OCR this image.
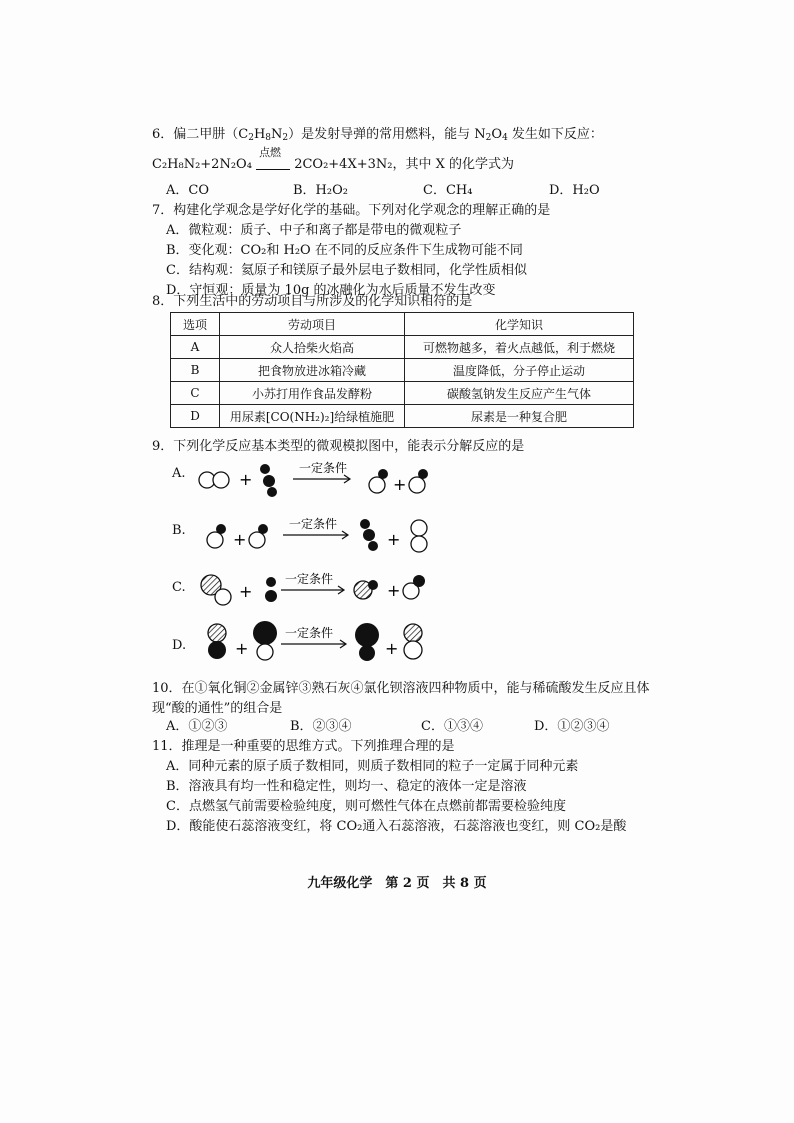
6．偏二甲肼$(C_2H_8N_2)$是发射导弹的常用燃料，能与 $N_2O_4$ 发生如下反应：
C₂H₈N₂+2N₂O₄
点燃
2CO₂+4X+3N₂，其中 X 的化学式为
A．CO	B．H₂O₂	C．CH₄	D．H₂O
7．构建化学观念是学好化学的基础。下列对化学观念的理解正确的是
A．微粒观：质子、中子和离子都是带电的微观粒子
B．变化观：CO₂和 H₂O 在不同的反应条件下生成物可能不同
C．结构观：氦原子和镁原子最外层电子数相同，化学性质相似
D．守恒观：质量为 10g 的冰融化为水后质量不发生改变
8．下列生活中的劳动项目与所涉及的化学知识相符的是
选项	劳动项目	化学知识
A	众人拾柴火焰高	可燃物越多，着火点越低，利于燃烧
B	把食物放进冰箱冷藏	温度降低，分子停止运动
C	小苏打用作食品发酵粉	碳酸氢钠发生反应产生气体
D	用尿素[CO(NH₂)₂]给绿植施肥	尿素是一种复合肥
9．下列化学反应基本类型的微观模拟图中，能表示分解反应的是
A.	+
一定条件
+
B.	+
一定条件
+
C.	+
一定条件
+
D.	+
一定条件
+
10．在①氧化铜②金属锌③熟石灰④氯化钡溶液四种物质中，能与稀硫酸发生反应且体
现“酸的通性”的组合是
A．①②③	B．②③④	C．①③④	D．①②③④
11．推理是一种重要的思维方式。下列推理合理的是
A．同种元素的原子质子数相同，则质子数相同的粒子一定属于同种元素
B．溶液具有均一性和稳定性，则均一、稳定的液体一定是溶液
C．点燃氢气前需要检验纯度，则可燃性气体在点燃前都需要检验纯度
D．酸能使石蕊溶液变红，将 CO₂通入石蕊溶液，石蕊溶液也变红，则 CO₂是酸
九年级化学　第 2 页　共 8 页
